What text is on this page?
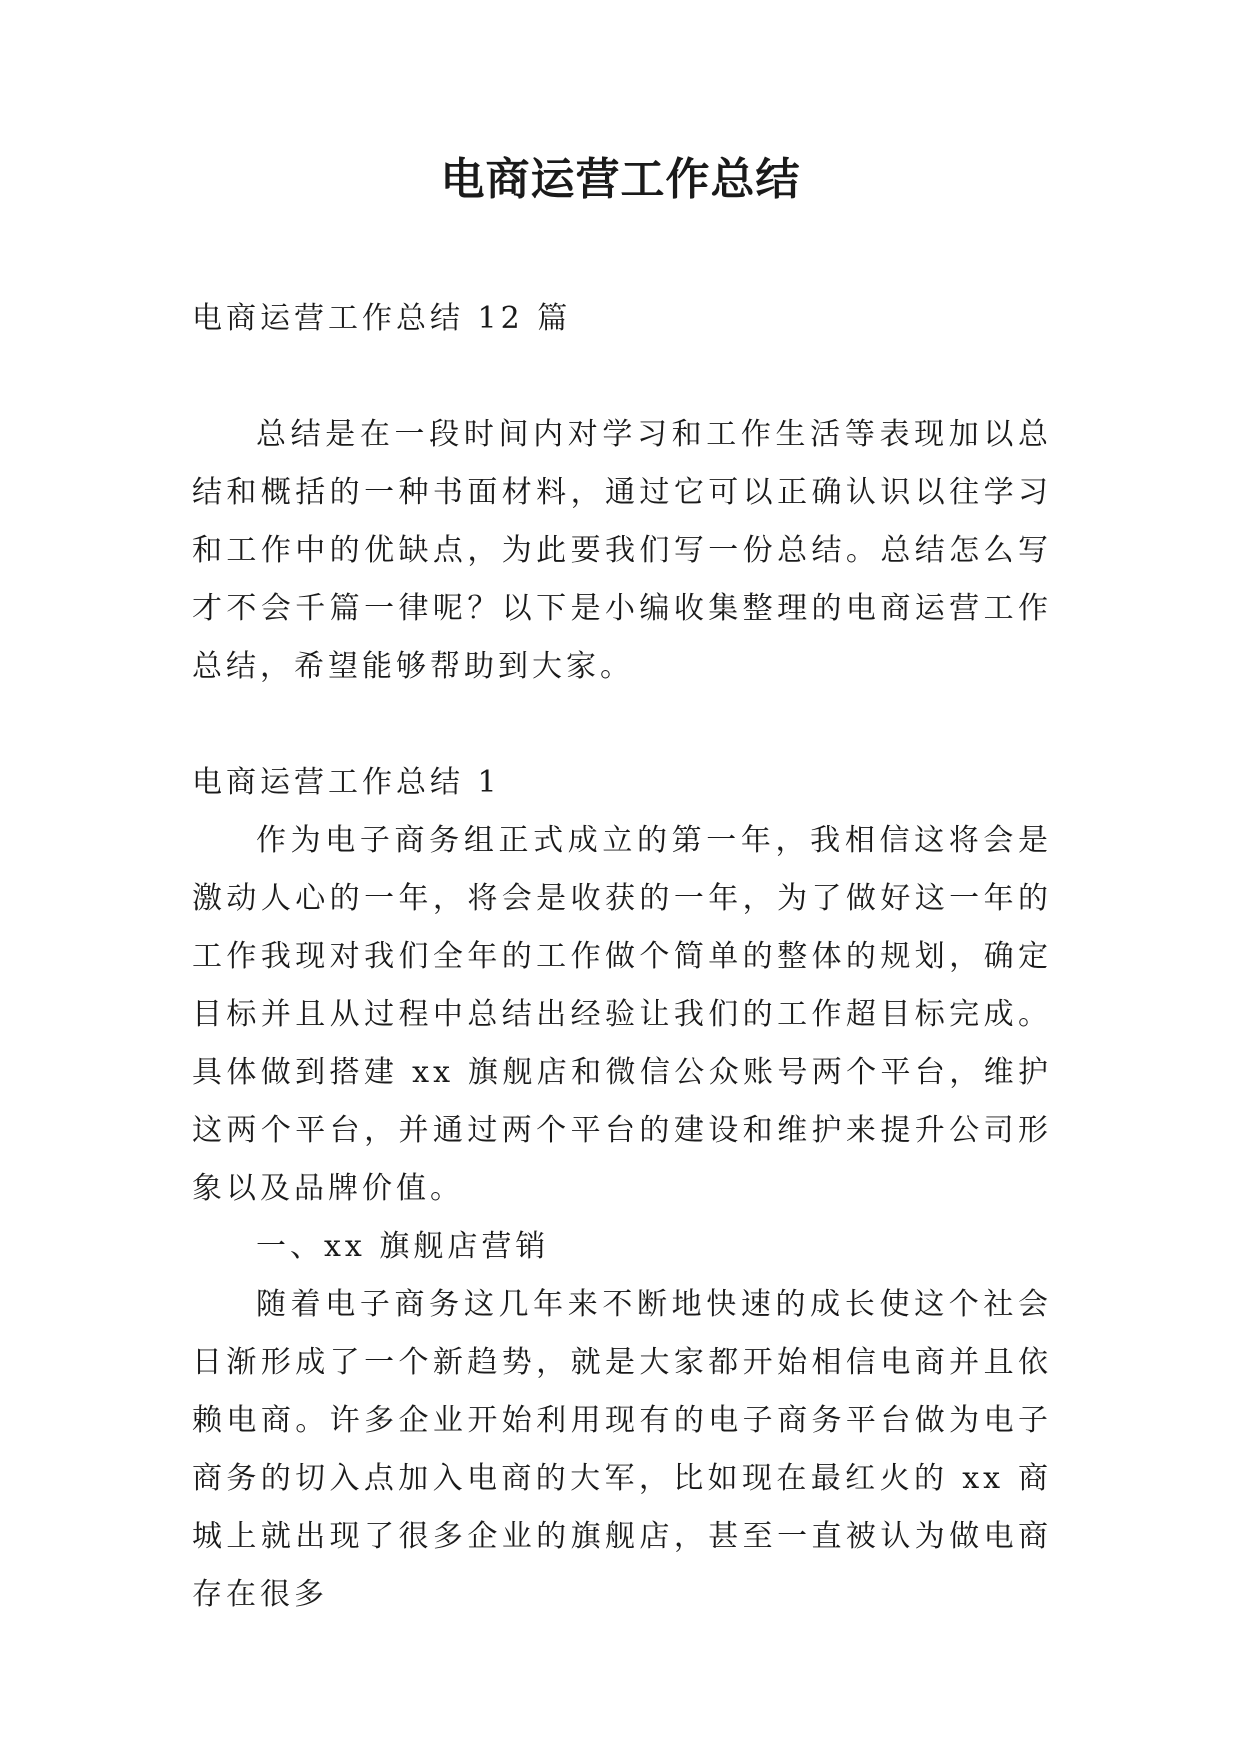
电商运营工作总结

电商运营工作总结 12 篇

总结是在一段时间内对学习和工作生活等表现加以总结和概括的一种书面材料，通过它可以正确认识以往学习和工作中的优缺点，为此要我们写一份总结。总结怎么写才不会千篇一律呢？以下是小编收集整理的电商运营工作总结，希望能够帮助到大家。

电商运营工作总结 1

作为电子商务组正式成立的第一年，我相信这将会是激动人心的一年，将会是收获的一年，为了做好这一年的工作我现对我们全年的工作做个简单的整体的规划，确定目标并且从过程中总结出经验让我们的工作超目标完成。具体做到搭建 xx 旗舰店和微信公众账号两个平台，维护这两个平台，并通过两个平台的建设和维护来提升公司形象以及品牌价值。

一、xx 旗舰店营销

随着电子商务这几年来不断地快速的成长使这个社会日渐形成了一个新趋势，就是大家都开始相信电商并且依赖电商。许多企业开始利用现有的电子商务平台做为电子商务的切入点加入电商的大军，比如现在最红火的 xx 商城上就出现了很多企业的旗舰店，甚至一直被认为做电商存在很多
